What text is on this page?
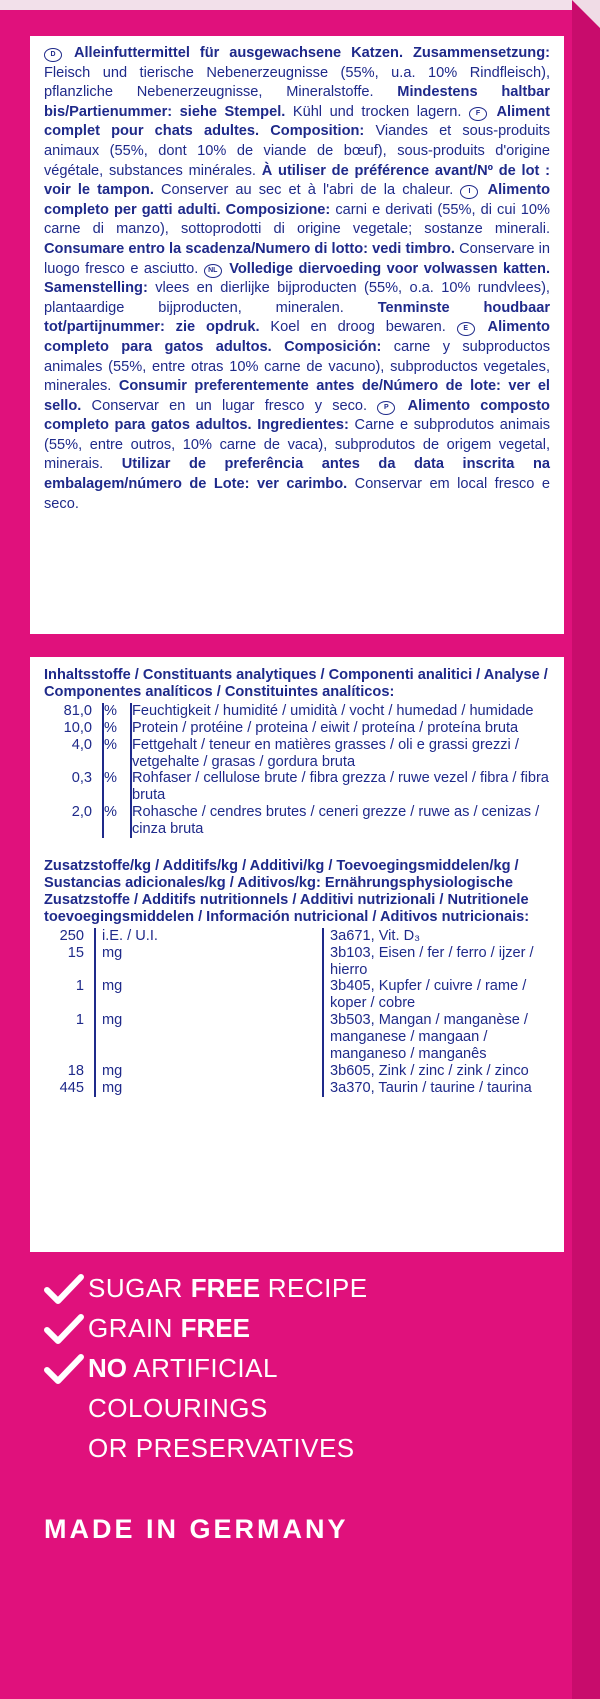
D Alleinfuttermittel für ausgewachsene Katzen. Zusammensetzung: Fleisch und tierische Nebenerzeugnisse (55%, u.a. 10% Rindfleisch), pflanzliche Nebenerzeugnisse, Mineralstoffe. Mindestens haltbar bis/Partienummer: siehe Stempel. Kühl und trocken lagern. F Aliment complet pour chats adultes. Composition: Viandes et sous-produits animaux (55%, dont 10% de viande de bœuf), sous-produits d'origine végétale, substances minérales. À utiliser de préférence avant/Nº de lot : voir le tampon. Conserver au sec et à l'abri de la chaleur. I Alimento completo per gatti adulti. Composizione: carni e derivati (55%, di cui 10% carne di manzo), sottoprodotti di origine vegetale; sostanze minerali. Consumare entro la scadenza/Numero di lotto: vedi timbro. Conservare in luogo fresco e asciutto. NL Volledige diervoeding voor volwassen katten. Samenstelling: vlees en dierlijke bijproducten (55%, o.a. 10% rundvlees), plantaardige bijproducten, mineralen. Tenminste houdbaar tot/partijnummer: zie opdruk. Koel en droog bewaren. E Alimento completo para gatos adultos. Composición: carne y subproductos animales (55%, entre otras 10% carne de vacuno), subproductos vegetales, minerales. Consumir preferentemente antes de/Número de lote: ver el sello. Conservar en un lugar fresco y seco. P Alimento composto completo para gatos adultos. Ingredientes: Carne e subprodutos animais (55%, entre outros, 10% carne de vaca), subprodutos de origem vegetal, minerais. Utilizar de preferência antes da data inscrita na embalagem/número de Lote: ver carimbo. Conservar em local fresco e seco.
Inhaltsstoffe / Constituants analytiques / Componenti analitici / Analyse / Componentes analíticos / Constituintes analíticos:
81,0 %	Feuchtigkeit / humidité / umidità / vocht / humedad / humidade
10,0 %	Protein / protéine / proteina / eiwit / proteína / proteína bruta
4,0 %	Fettgehalt / teneur en matières grasses / oli e grassi grezzi / vetgehalte / grasas / gordura bruta
0,3 %	Rohfaser / cellulose brute / fibra grezza / ruwe vezel / fibra / fibra bruta
2,0 %	Rohasche / cendres brutes / ceneri grezze / ruwe as / cenizas / cinza bruta
Zusatzstoffe/kg / Additifs/kg / Additivi/kg / Toevoegingsmiddelen/kg / Sustancias adicionales/kg / Aditivos/kg: Ernährungsphysiologische Zusatzstoffe / Additifs nutritionnels / Additivi nutrizionali / Nutritionele toevoegingsmiddelen / Información nutricional / Aditivos nutricionais:
250	i.E. / U.I.	3a671, Vit. D₃
15	mg	3b103, Eisen / fer / ferro / ijzer / hierro
1	mg	3b405, Kupfer / cuivre / rame / koper / cobre
1	mg	3b503, Mangan / manganèse / manganese / mangaan / manganeso / manganês
18	mg	3b605, Zink / zinc / zink / zinco
445	mg	3a370, Taurin / taurine / taurina
SUGAR FREE RECIPE
GRAIN FREE
NO ARTIFICIAL
COLOURINGS
OR PRESERVATIVES
MADE IN GERMANY
